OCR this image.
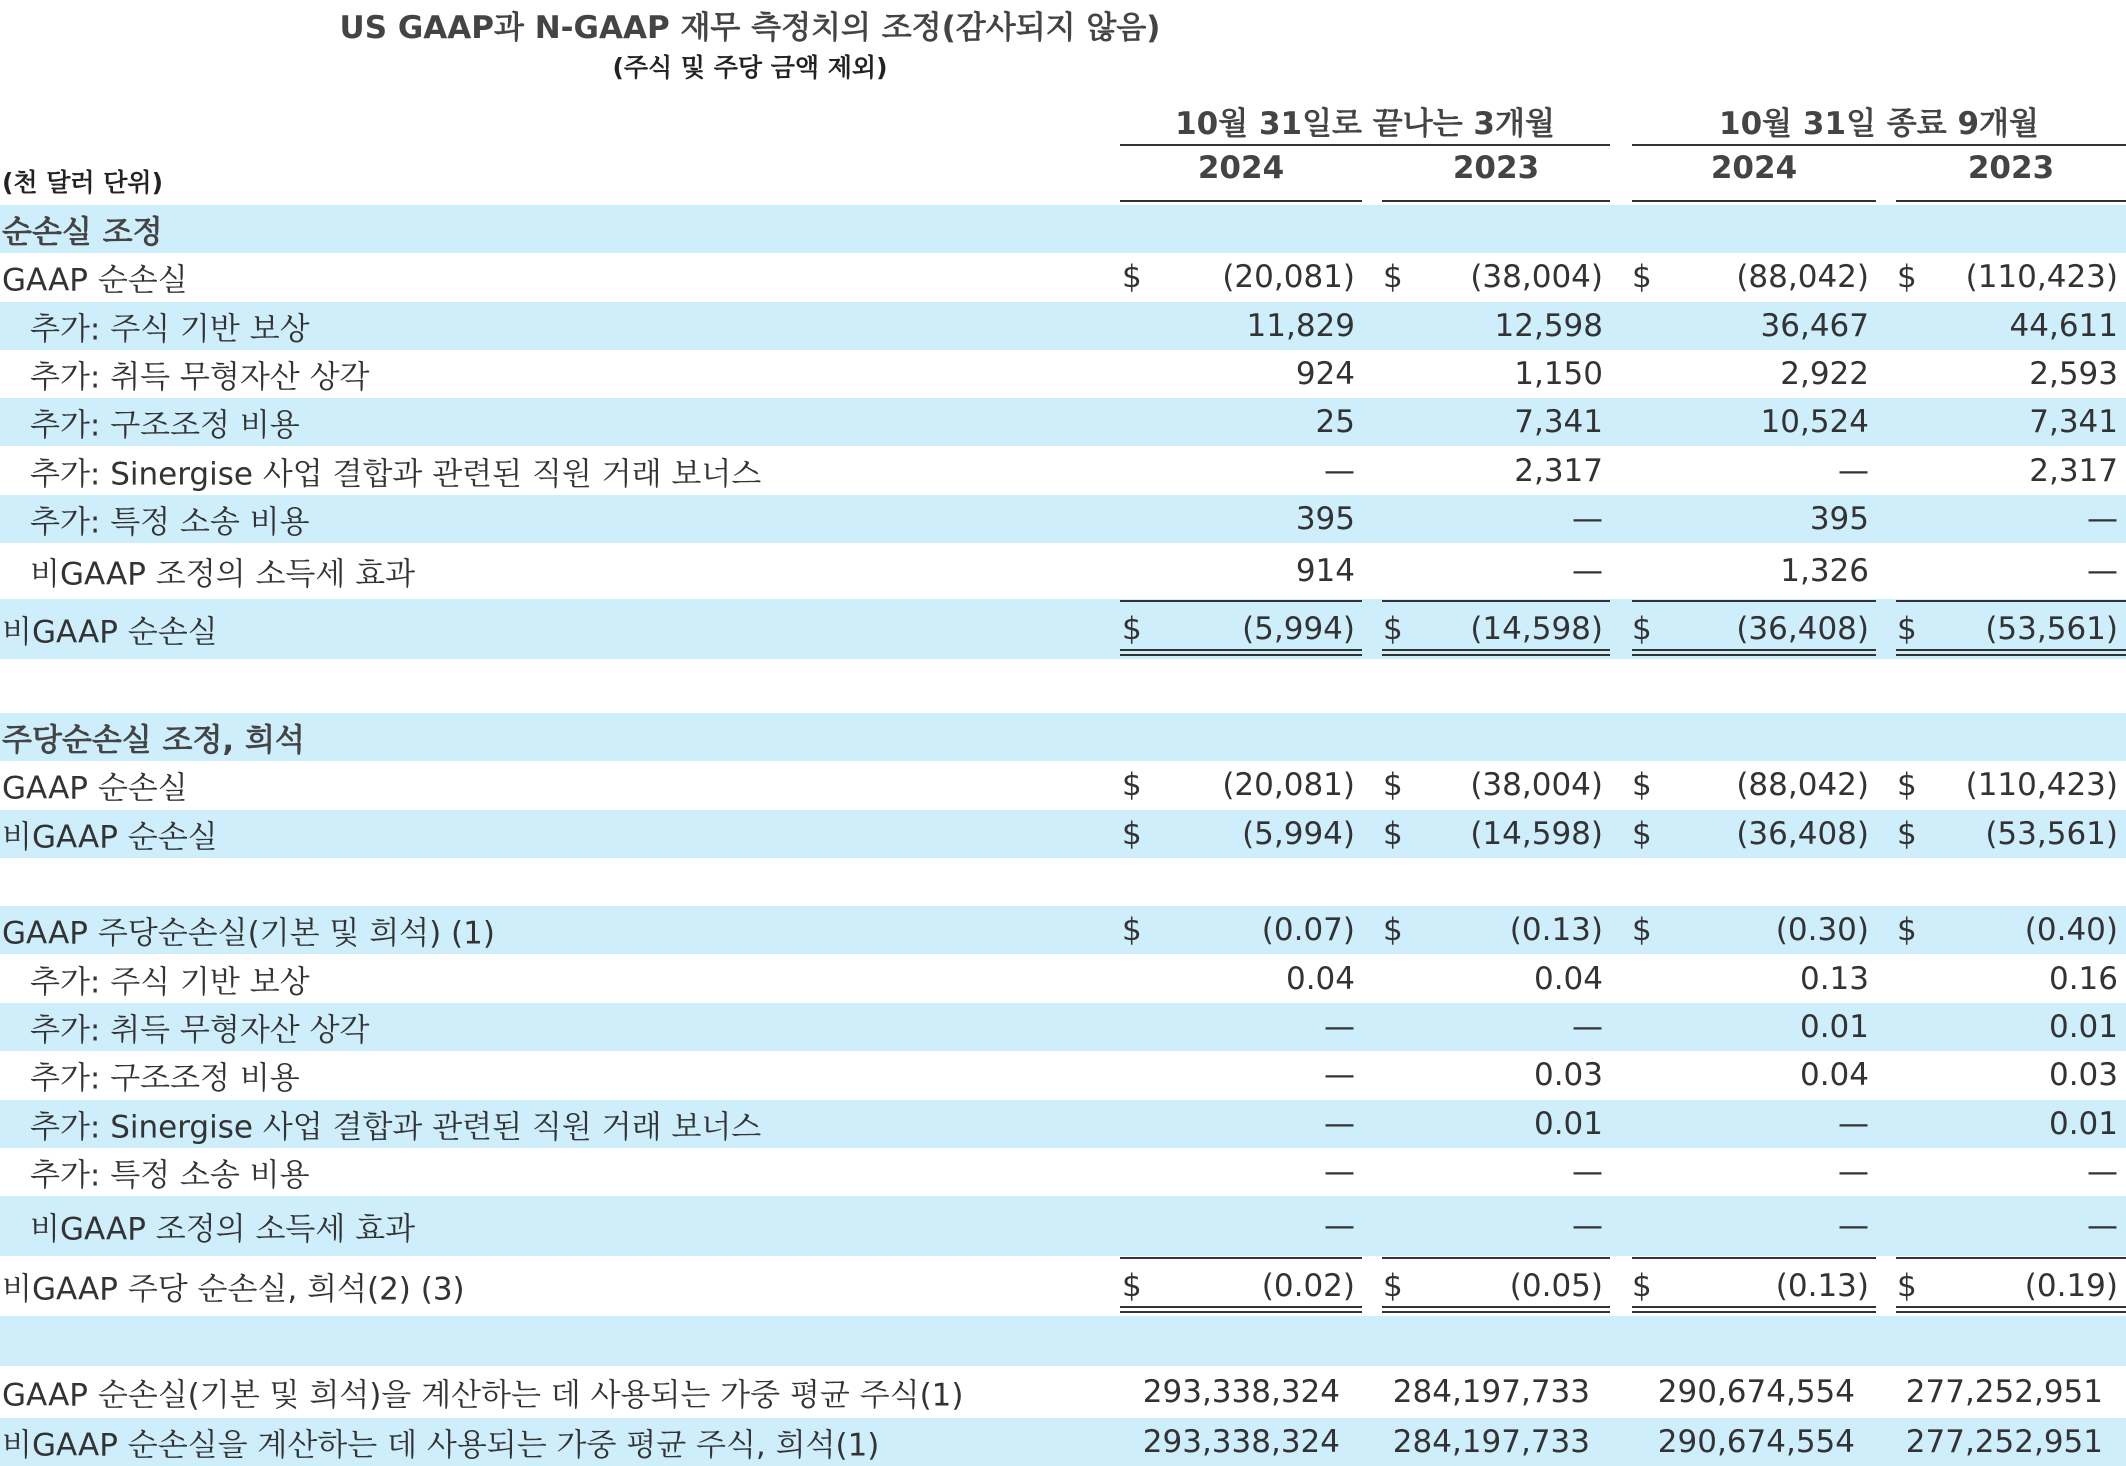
US GAAP과 N-GAAP 재무 측정치의 조정(감사되지 않음)
(주식 및 주당 금액 제외)
10월 31일로 끝나는 3개월	10월 31일 종료 9개월
2024	2023	2024	2023
(천 달러 단위)
순손실 조정
GAAP 순손실	$	(20,081) $ (38,004) $	(88,042) $ (110,423)
추가: 주식 기반 보상	11,829	12,598	36,467	44,611
추가: 취득 무형자산 상각	924	1,150	2,922	2,593
추가: 구조조정 비용	25	7,341	10,524	7,341
추가: Sinergise 사업 결합과 관련된 직원 거래 보너스	—	2,317	—	2,317
추가: 특정 소송 비용	395	—	395	—
비GAAP 조정의 소득세 효과	914	—	1,326	—
비GAAP 순손실	$	(5,994) $ (14,598) $	(36,408) $ (53,561)
주당순손실 조정, 희석
GAAP 순손실	$	(20,081) $ (38,004) $	(88,042) $ (110,423)
비GAAP 순손실	$	(5,994) $ (14,598) $	(36,408) $ (53,561)
GAAP 주당순손실(기본 및 희석) (1)	$	(0.07) $	(0.13) $	(0.30) $	(0.40)
추가: 주식 기반 보상	0.04	0.04	0.13	0.16
추가: 취득 무형자산 상각	—	—	0.01	0.01
추가: 구조조정 비용	—	0.03	0.04	0.03
추가: Sinergise 사업 결합과 관련된 직원 거래 보너스	—	0.01	—	0.01
추가: 특정 소송 비용	—	—	—	—
비GAAP 조정의 소득세 효과	—	—	—	—
비GAAP 주당 순손실, 희석(2) (3)	$	(0.02) $	(0.05) $	(0.13) $	(0.19)
GAAP 순손실(기본 및 희석)을 계산하는 데 사용되는 가중 평균 주식(1)	293,338,324 284,197,733 290,674,554 277,252,951
비GAAP 순손실을 계산하는 데 사용되는 가중 평균 주식, 희석(1)	293,338,324 284,197,733 290,674,554 277,252,951
